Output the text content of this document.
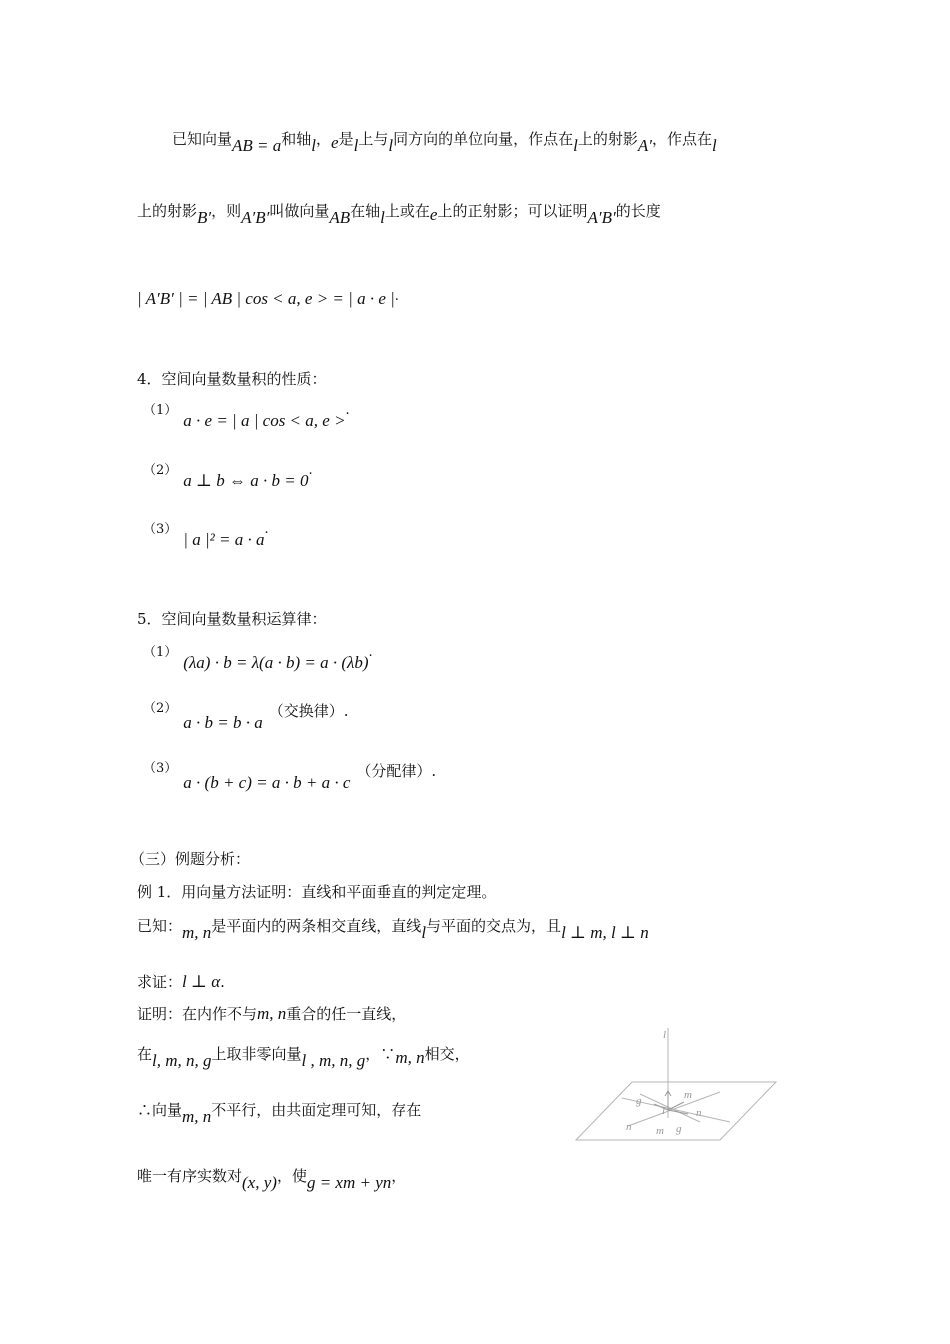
已知向量AB = a和轴l，e是l上与l同方向的单位向量，作点在l上的射影A′，作点在l
上的射影B′，则A′B′叫做向量AB在轴l上或在e上的正射影；可以证明A′B′的长度
| A′B′ | = | AB | cos < a, e > = | a · e |.
4．空间向量数量积的性质：
（1）a · e = | a | cos < a, e >.
（2）a ⊥ b ⇔ a · b = 0.
（3）| a |² = a · a.
5．空间向量数量积运算律：
（1）(λa) · b = λ(a · b) = a · (λb).
（2）a · b = b · a（交换律）.
（3）a · (b + c) = a · b + a · c（分配律）.
（三）例题分析：
例 1．用向量方法证明：直线和平面垂直的判定定理。
已知：m, n是平面内的两条相交直线，直线l与平面的交点为，且l ⊥ m, l ⊥ n
求证：l ⊥ α.
证明：在内作不与m, n重合的任一直线，
在l, m, n, g上取非零向量l , m, n, g，∵m, n相交，
∴向量m, n不平行，由共面定理可知，存在
唯一有序实数对(x, y)，使g = xm + yn，
l
m
g
n
l
n m g
